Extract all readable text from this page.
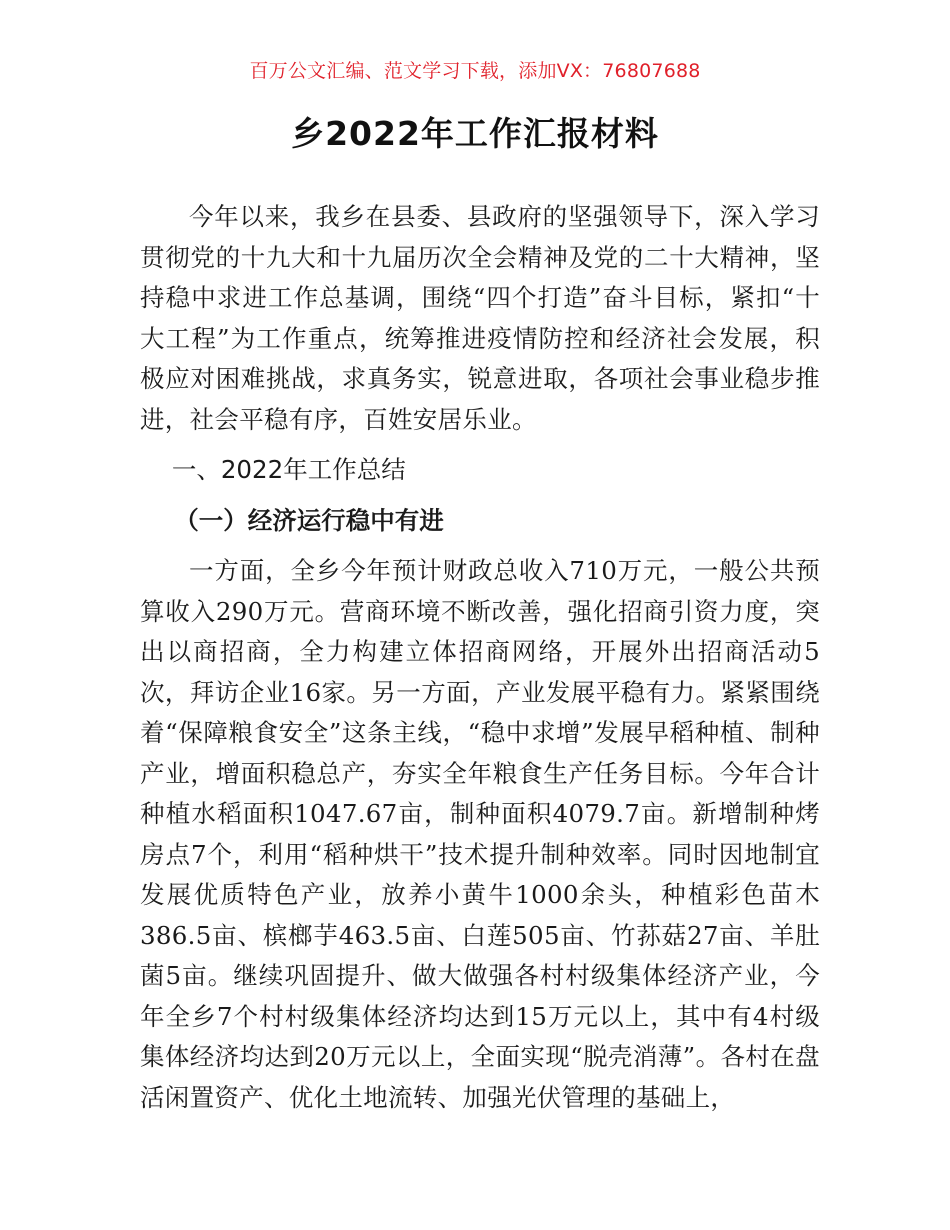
百万公文汇编、范文学习下载，添加VX：76807688
乡2022年工作汇报材料

今年以来，我乡在县委、县政府的坚强领导下，深入学习贯彻党的十九大和十九届历次全会精神及党的二十大精神，坚持稳中求进工作总基调，围绕“四个打造”奋斗目标，紧扣“十大工程”为工作重点，统筹推进疫情防控和经济社会发展，积极应对困难挑战，求真务实，锐意进取，各项社会事业稳步推进，社会平稳有序，百姓安居乐业。

一、2022年工作总结

（一）经济运行稳中有进

一方面，全乡今年预计财政总收入710万元，一般公共预算收入290万元。营商环境不断改善，强化招商引资力度，突出以商招商，全力构建立体招商网络，开展外出招商活动5次，拜访企业16家。另一方面，产业发展平稳有力。紧紧围绕着“保障粮食安全”这条主线，“稳中求增”发展早稻种植、制种产业，增面积稳总产，夯实全年粮食生产任务目标。今年合计种植水稻面积1047.67亩，制种面积4079.7亩。新增制种烤房点7个，利用“稻种烘干”技术提升制种效率。同时因地制宜发展优质特色产业，放养小黄牛1000余头，种植彩色苗木386.5亩、槟榔芋463.5亩、白莲505亩、竹荪菇27亩、羊肚菌5亩。继续巩固提升、做大做强各村村级集体经济产业，今年全乡7个村村级集体经济均达到15万元以上，其中有4村级集体经济均达到20万元以上，全面实现“脱壳消薄”。各村在盘活闲置资产、优化土地流转、加强光伏管理的基础上，
